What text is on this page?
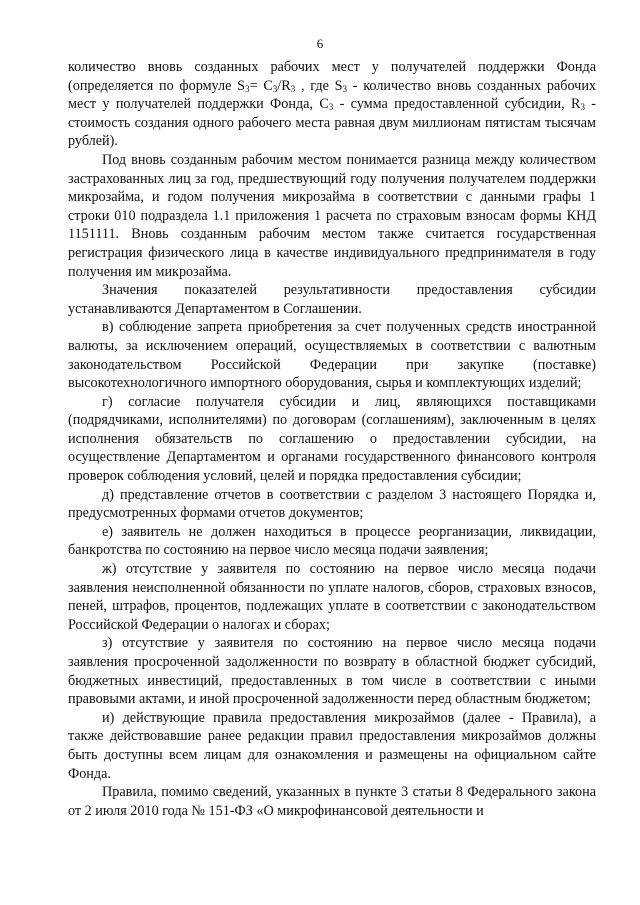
6

количество вновь созданных рабочих мест у получателей поддержки Фонда (определяется по формуле $S_3= С_3/R_3$ , где $S_3$ - количество вновь созданных рабочих мест у получателей поддержки Фонда, $С_3$ - сумма предоставленной субсидии, $R_3$ - стоимость создания одного рабочего места равная двум миллионам пятистам тысячам рублей).

Под вновь созданным рабочим местом понимается разница между количеством застрахованных лиц за год, предшествующий году получения получателем поддержки микрозайма, и годом получения микрозайма в соответствии с данными графы 1 строки 010 подраздела 1.1 приложения 1 расчета по страховым взносам формы КНД 1151111. Вновь созданным рабочим местом также считается государственная регистрация физического лица в качестве индивидуального предпринимателя в году получения им микрозайма.

Значения показателей результативности предоставления субсидии устанавливаются Департаментом в Соглашении.

в) соблюдение запрета приобретения за счет полученных средств иностранной валюты, за исключением операций, осуществляемых в соответствии с валютным законодательством Российской Федерации при закупке (поставке) высокотехнологичного импортного оборудования, сырья и комплектующих изделий;

г) согласие получателя субсидии и лиц, являющихся поставщиками (подрядчиками, исполнителями) по договорам (соглашениям), заключенным в целях исполнения обязательств по соглашению о предоставлении субсидии, на осуществление Департаментом и органами государственного финансового контроля проверок соблюдения условий, целей и порядка предоставления субсидии;

д) представление отчетов в соответствии с разделом 3 настоящего Порядка и, предусмотренных формами отчетов документов;

е) заявитель не должен находиться в процессе реорганизации, ликвидации, банкротства по состоянию на первое число месяца подачи заявления;

ж) отсутствие у заявителя по состоянию на первое число месяца подачи заявления неисполненной обязанности по уплате налогов, сборов, страховых взносов, пеней, штрафов, процентов, подлежащих уплате в соответствии с законодательством Российской Федерации о налогах и сборах;

з) отсутствие у заявителя по состоянию на первое число месяца подачи заявления просроченной задолженности по возврату в областной бюджет субсидий, бюджетных инвестиций, предоставленных в том числе в соответствии с иными правовыми актами, и иной просроченной задолженности перед областным бюджетом;

и) действующие правила предоставления микрозаймов (далее - Правила), а также действовавшие ранее редакции правил предоставления микрозаймов должны быть доступны всем лицам для ознакомления и размещены на официальном сайте Фонда.

Правила, помимо сведений, указанных в пункте 3 статьи 8 Федерального закона от 2 июля 2010 года № 151-ФЗ «О микрофинансовой деятельности и
